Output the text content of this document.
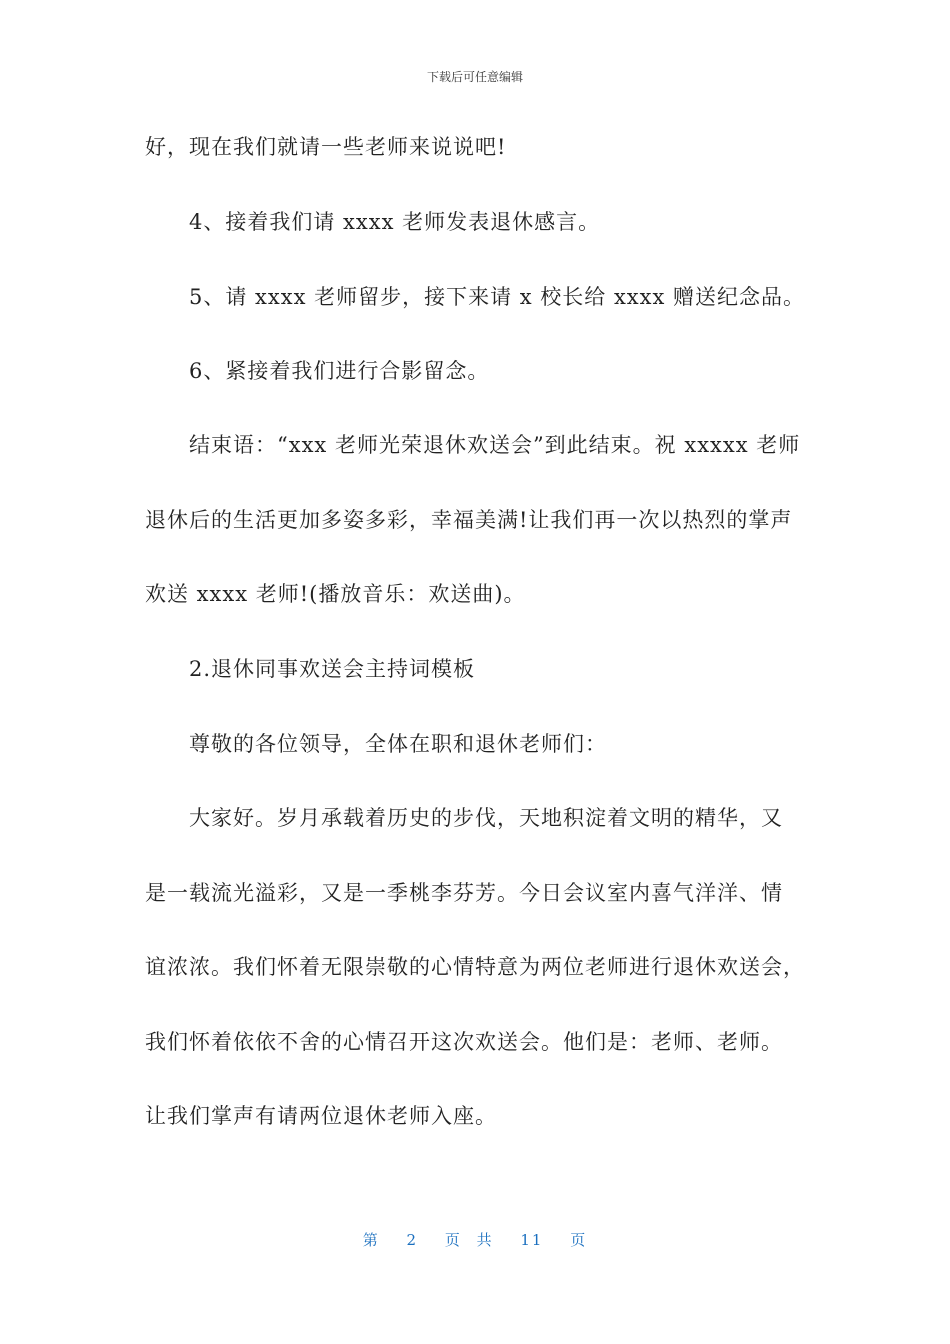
下载后可任意编辑
好，现在我们就请一些老师来说说吧!
4、接着我们请 xxxx 老师发表退休感言。
5、请 xxxx 老师留步，接下来请 x 校长给 xxxx 赠送纪念品。
6、紧接着我们进行合影留念。
结束语：“xxx 老师光荣退休欢送会”到此结束。祝 xxxxx 老师
退休后的生活更加多姿多彩，幸福美满!让我们再一次以热烈的掌声
欢送 xxxx 老师!(播放音乐：欢送曲)。
2.退休同事欢送会主持词模板
尊敬的各位领导，全体在职和退休老师们：
大家好。岁月承载着历史的步伐，天地积淀着文明的精华，又
是一载流光溢彩，又是一季桃李芬芳。今日会议室内喜气洋洋、情
谊浓浓。我们怀着无限崇敬的心情特意为两位老师进行退休欢送会，
我们怀着依依不舍的心情召开这次欢送会。他们是：老师、老师。
让我们掌声有请两位退休老师入座。
第 2 页 共 11 页
